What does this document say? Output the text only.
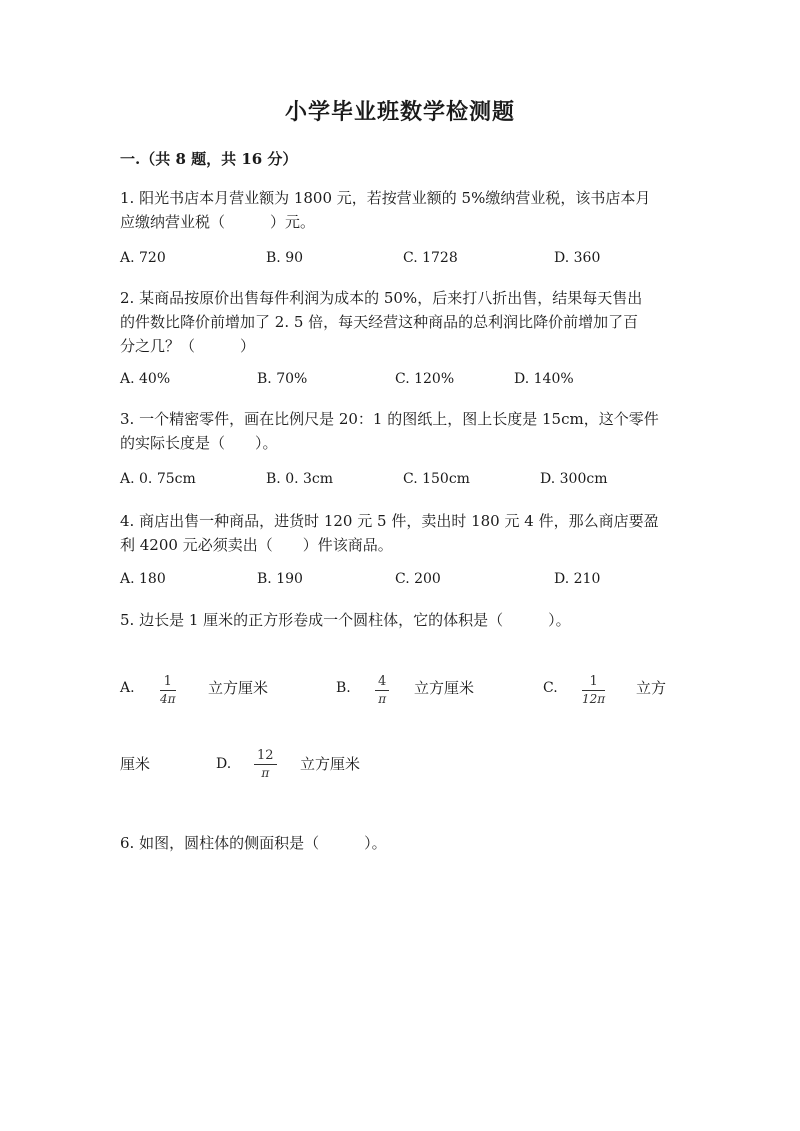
小学毕业班数学检测题
一.（共 8 题，共 16 分）
1. 阳光书店本月营业额为 1800 元，若按营业额的 5%缴纳营业税，该书店本月
应缴纳营业税（　　　）元。
A. 720	B. 90	C. 1728	D. 360
2. 某商品按原价出售每件利润为成本的 50%，后来打八折出售，结果每天售出
的件数比降价前增加了 2. 5 倍，每天经营这种商品的总利润比降价前增加了百
分之几？（　　　）
A. 40%	B. 70%	C. 120%	D. 140%
3. 一个精密零件，画在比例尺是 20：1 的图纸上，图上长度是 15cm，这个零件
的实际长度是（　　）。
A. 0. 75cm	B. 0. 3cm	C. 150cm	D. 300cm
4. 商店出售一种商品，进货时 120 元 5 件，卖出时 180 元 4 件，那么商店要盈
利 4200 元必须卖出（　　）件该商品。
A. 180	B. 190	C. 200	D. 210
5. 边长是 1 厘米的正方形卷成一个圆柱体，它的体积是（　　　）。
A. 1
4π
立方厘米	B. 4
π
立方厘米	C. 1
12π
立方
厘米	D.
12
π 立方厘米
6. 如图，圆柱体的侧面积是（　　　）。
